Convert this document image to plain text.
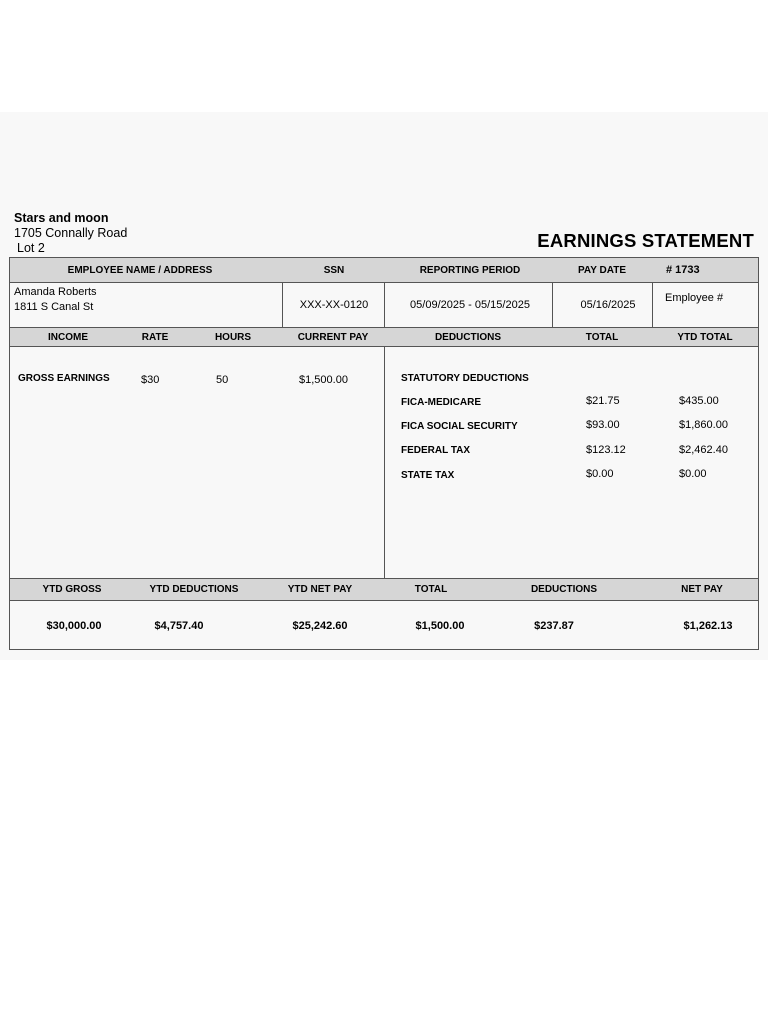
Stars and moon
1705 Connally Road
Lot 2	EARNINGS STATEMENT
EMPLOYEE NAME / ADDRESS	SSN	REPORTING PERIOD	PAY DATE	# 1733
Amanda Roberts
1811 S Canal St	XXX-XX-0120	05/09/2025 - 05/15/2025	05/16/2025
Employee #
INCOME	RATE	HOURS	CURRENT PAY	DEDUCTIONS	TOTAL	YTD TOTAL
GROSS EARNINGS	$30	50	$1,500.00	STATUTORY DEDUCTIONS
FICA-MEDICARE	$21.75	$435.00
FICA SOCIAL SECURITY	$93.00	$1,860.00
FEDERAL TAX	$123.12	$2,462.40
STATE TAX	$0.00	$0.00
YTD GROSS	YTD DEDUCTIONS	YTD NET PAY	TOTAL	DEDUCTIONS	NET PAY
$30,000.00	$4,757.40	$25,242.60	$1,500.00	$237.87	$1,262.13
